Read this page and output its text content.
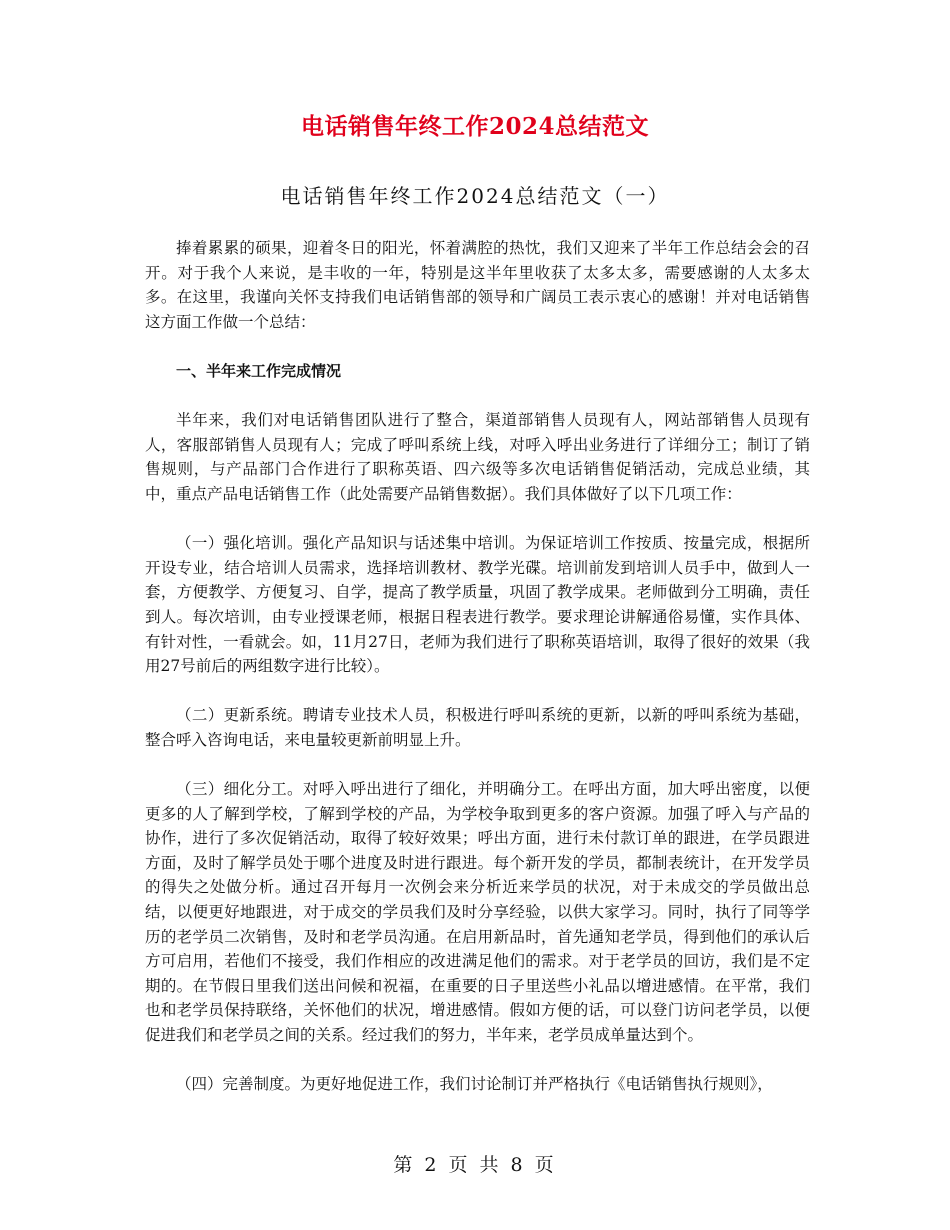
电话销售年终工作2024总结范文
电话销售年终工作2024总结范文（一）

捧着累累的硕果，迎着冬日的阳光，怀着满腔的热忱，我们又迎来了半年工作总结会会的召开。对于我个人来说，是丰收的一年，特别是这半年里收获了太多太多，需要感谢的人太多太多。在这里，我谨向关怀支持我们电话销售部的领导和广阔员工表示衷心的感谢！并对电话销售这方面工作做一个总结：

一、半年来工作完成情况

半年来，我们对电话销售团队进行了整合，渠道部销售人员现有人，网站部销售人员现有人，客服部销售人员现有人；完成了呼叫系统上线，对呼入呼出业务进行了详细分工；制订了销售规则，与产品部门合作进行了职称英语、四六级等多次电话销售促销活动，完成总业绩，其中，重点产品电话销售工作（此处需要产品销售数据）。我们具体做好了以下几项工作：

（一）强化培训。强化产品知识与话述集中培训。为保证培训工作按质、按量完成，根据所开设专业，结合培训人员需求，选择培训教材、教学光碟。培训前发到培训人员手中，做到人一套，方便教学、方便复习、自学，提高了教学质量，巩固了教学成果。老师做到分工明确，责任到人。每次培训，由专业授课老师，根据日程表进行教学。要求理论讲解通俗易懂，实作具体、有针对性，一看就会。如，11月27日，老师为我们进行了职称英语培训，取得了很好的效果（我用27号前后的两组数字进行比较）。

（二）更新系统。聘请专业技术人员，积极进行呼叫系统的更新，以新的呼叫系统为基础，整合呼入咨询电话，来电量较更新前明显上升。

（三）细化分工。对呼入呼出进行了细化，并明确分工。在呼出方面，加大呼出密度，以便更多的人了解到学校，了解到学校的产品，为学校争取到更多的客户资源。加强了呼入与产品的协作，进行了多次促销活动，取得了较好效果；呼出方面，进行未付款订单的跟进，在学员跟进方面，及时了解学员处于哪个进度及时进行跟进。每个新开发的学员，都制表统计，在开发学员的得失之处做分析。通过召开每月一次例会来分析近来学员的状况，对于未成交的学员做出总结，以便更好地跟进，对于成交的学员我们及时分享经验，以供大家学习。同时，执行了同等学历的老学员二次销售，及时和老学员沟通。在启用新品时，首先通知老学员，得到他们的承认后方可启用，若他们不接受，我们作相应的改进满足他们的需求。对于老学员的回访，我们是不定期的。在节假日里我们送出问候和祝福，在重要的日子里送些小礼品以增进感情。在平常，我们也和老学员保持联络，关怀他们的状况，增进感情。假如方便的话，可以登门访问老学员，以便促进我们和老学员之间的关系。经过我们的努力，半年来，老学员成单量达到个。

（四）完善制度。为更好地促进工作，我们讨论制订并严格执行《电话销售执行规则》，

第 2 页 共 8 页
